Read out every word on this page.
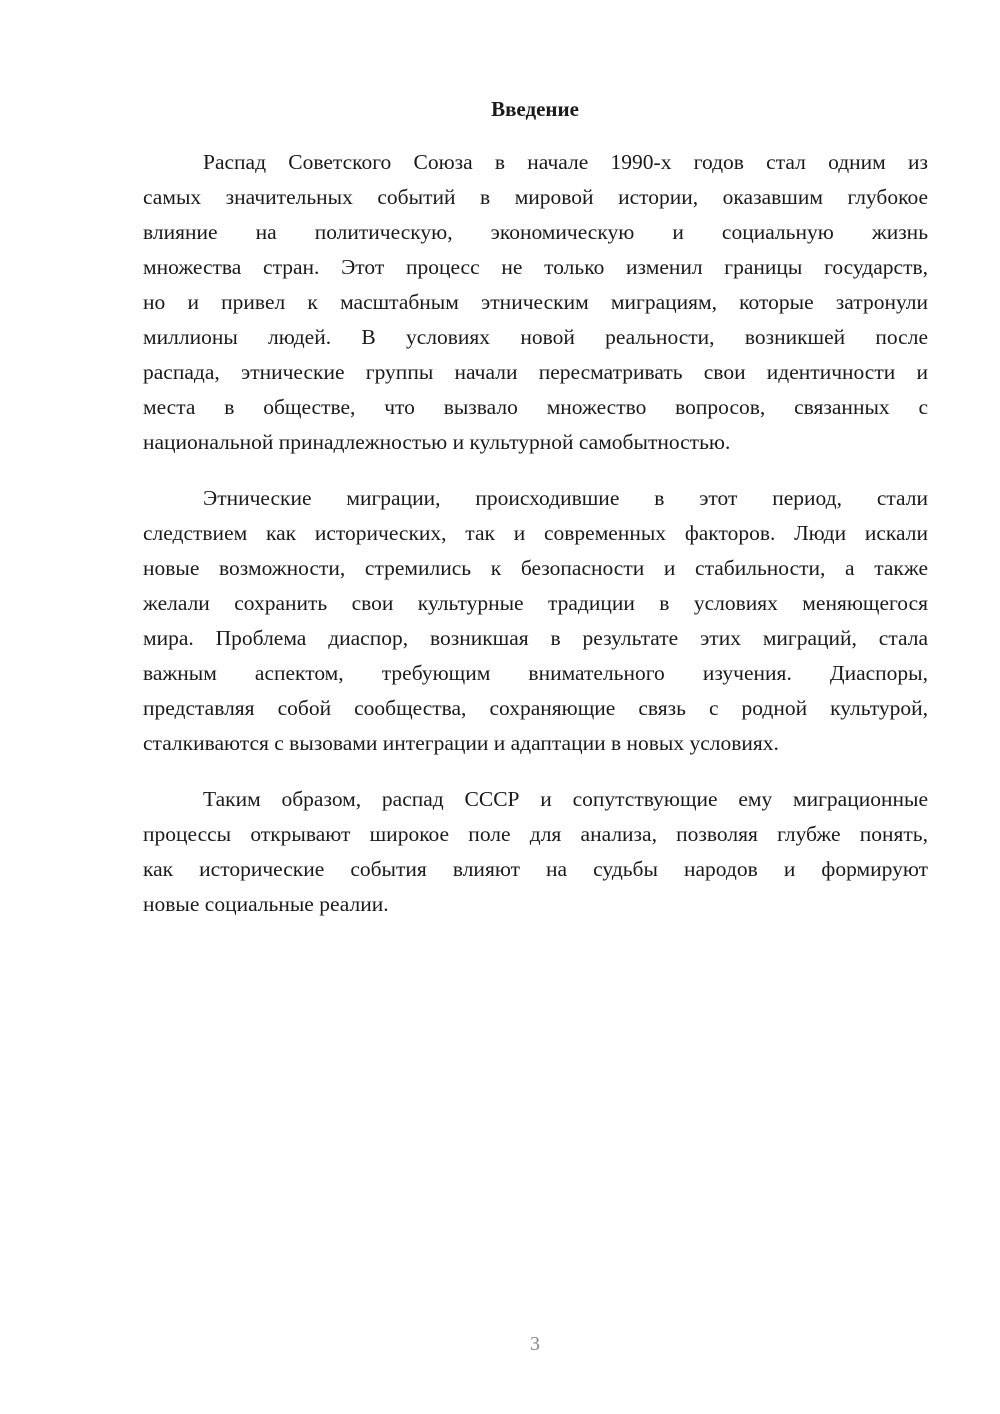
Введение
Распад Советского Союза в начале 1990-х годов стал одним из
самых значительных событий в мировой истории, оказавшим глубокое
влияние на политическую, экономическую и социальную жизнь
множества стран. Этот процесс не только изменил границы государств,
но и привел к масштабным этническим миграциям, которые затронули
миллионы людей. В условиях новой реальности, возникшей после
распада, этнические группы начали пересматривать свои идентичности и
места в обществе, что вызвало множество вопросов, связанных с
национальной принадлежностью и культурной самобытностью.
Этнические миграции, происходившие в этот период, стали
следствием как исторических, так и современных факторов. Люди искали
новые возможности, стремились к безопасности и стабильности, а также
желали сохранить свои культурные традиции в условиях меняющегося
мира. Проблема диаспор, возникшая в результате этих миграций, стала
важным аспектом, требующим внимательного изучения. Диаспоры,
представляя собой сообщества, сохраняющие связь с родной культурой,
сталкиваются с вызовами интеграции и адаптации в новых условиях.
Таким образом, распад СССР и сопутствующие ему миграционные
процессы открывают широкое поле для анализа, позволяя глубже понять,
как исторические события влияют на судьбы народов и формируют
новые социальные реалии.
3
